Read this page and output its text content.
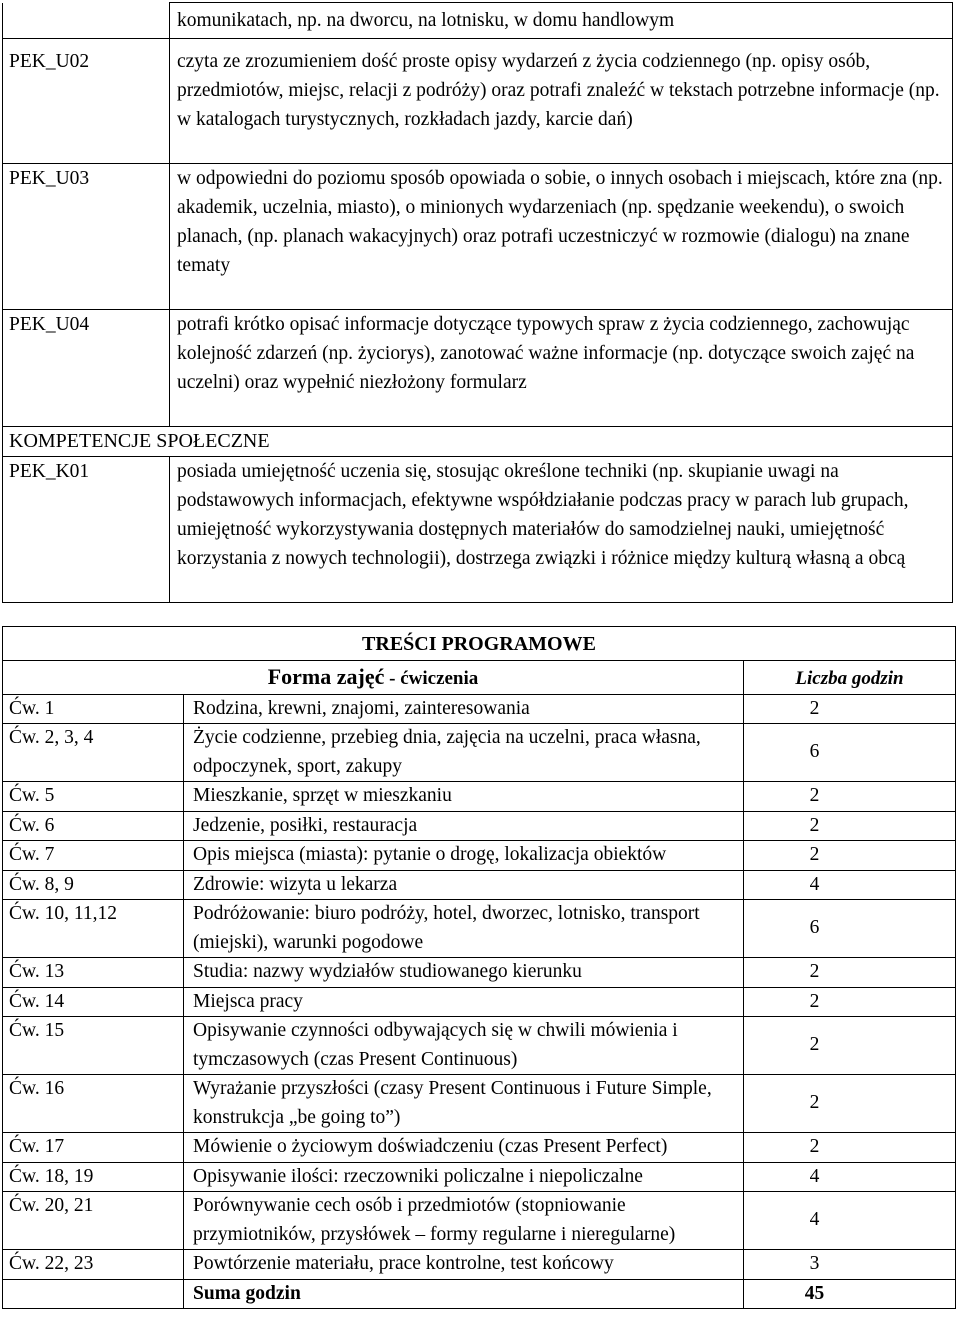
	komunikatach, np. na dworcu, na lotnisku, w domu handlowym
PEK_U02	czyta ze zrozumieniem dość proste opisy wydarzeń z życia codziennego (np. opisy osób, przedmiotów, miejsc, relacji z podróży) oraz potrafi znaleźć w tekstach potrzebne informacje (np. w katalogach turystycznych, rozkładach jazdy, karcie dań)
PEK_U03	w odpowiedni do poziomu sposób opowiada o sobie, o innych osobach i miejscach, które zna (np. akademik, uczelnia, miasto), o minionych wydarzeniach (np. spędzanie weekendu), o swoich planach, (np. planach wakacyjnych) oraz potrafi uczestniczyć w rozmowie (dialogu) na znane tematy
PEK_U04	potrafi krótko opisać informacje dotyczące typowych spraw z życia codziennego, zachowując kolejność zdarzeń (np. życiorys), zanotować ważne informacje (np. dotyczące swoich zajęć na uczelni) oraz wypełnić niezłożony formularz
KOMPETENCJE SPOŁECZNE	
PEK_K01	posiada umiejętność uczenia się, stosując określone techniki (np. skupianie uwagi na podstawowych informacjach, efektywne współdziałanie podczas pracy w parach lub grupach, umiejętność wykorzystywania dostępnych materiałów do samodzielnej nauki, umiejętność korzystania z nowych technologii), dostrzega związki i różnice między kulturą własną a obcą
TREŚCI PROGRAMOWE		
Forma zajęć - ćwiczenia		Liczba godzin
Ćw. 1	Rodzina, krewni, znajomi, zainteresowania	2
Ćw. 2, 3, 4	Życie codzienne, przebieg dnia, zajęcia na uczelni, praca własna, odpoczynek, sport, zakupy	6
Ćw. 5	Mieszkanie, sprzęt w mieszkaniu	2
Ćw. 6	Jedzenie, posiłki, restauracja	2
Ćw. 7	Opis miejsca (miasta): pytanie o drogę, lokalizacja obiektów	2
Ćw. 8, 9	Zdrowie: wizyta u lekarza	4
Ćw. 10, 11,12	Podróżowanie: biuro podróży, hotel, dworzec, lotnisko, transport (miejski), warunki pogodowe	6
Ćw. 13	Studia: nazwy wydziałów studiowanego kierunku	2
Ćw. 14	Miejsca pracy	2
Ćw. 15	Opisywanie czynności odbywających się w chwili mówienia i tymczasowych (czas Present Continuous)	2
Ćw. 16	Wyrażanie przyszłości (czasy Present Continuous i Future Simple, konstrukcja „be going to”)	2
Ćw. 17	Mówienie o życiowym doświadczeniu (czas Present Perfect)	2
Ćw. 18, 19	Opisywanie ilości: rzeczowniki policzalne i niepoliczalne	4
Ćw. 20, 21	Porównywanie cech osób i przedmiotów (stopniowanie przymiotników, przysłówek – formy regularne i nieregularne)	4
Ćw. 22, 23	Powtórzenie materiału, prace kontrolne, test końcowy	3
	Suma godzin	45
